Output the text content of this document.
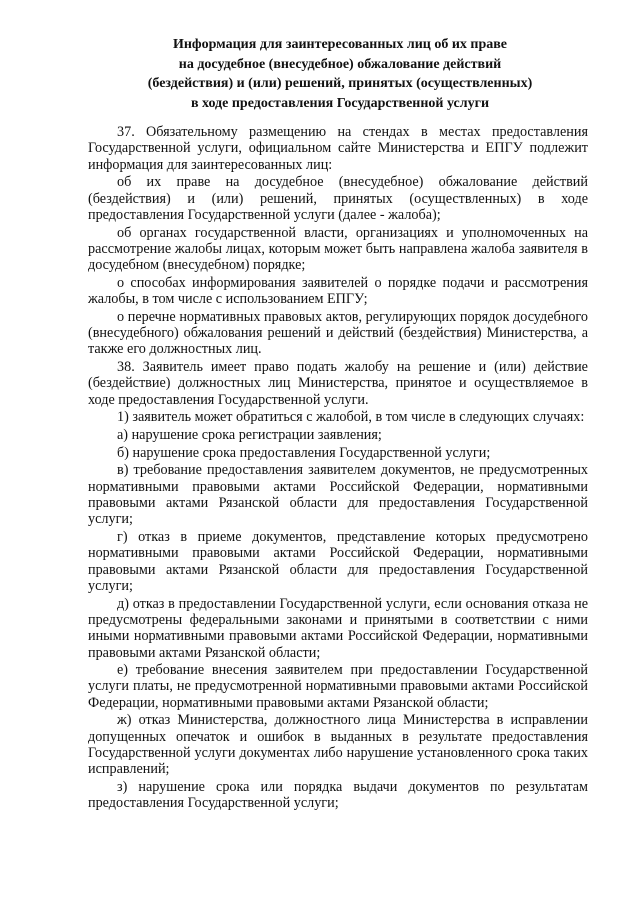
Информация для заинтересованных лиц об их праве
на досудебное (внесудебное) обжалование действий
(бездействия) и (или) решений, принятых (осуществленных)
в ходе предоставления Государственной услуги

37. Обязательному размещению на стендах в местах предоставления Государственной услуги, официальном сайте Министерства и ЕПГУ подлежит информация для заинтересованных лиц:

об их праве на досудебное (внесудебное) обжалование действий (бездействия) и (или) решений, принятых (осуществленных) в ходе предоставления Государственной услуги (далее - жалоба);

об органах государственной власти, организациях и уполномоченных на рассмотрение жалобы лицах, которым может быть направлена жалоба заявителя в досудебном (внесудебном) порядке;

о способах информирования заявителей о порядке подачи и рассмотрения жалобы, в том числе с использованием ЕПГУ;

о перечне нормативных правовых актов, регулирующих порядок досудебного (внесудебного) обжалования решений и действий (бездействия) Министерства, а также его должностных лиц.

38. Заявитель имеет право подать жалобу на решение и (или) действие (бездействие) должностных лиц Министерства, принятое и осуществляемое в ходе предоставления Государственной услуги.

1) заявитель может обратиться с жалобой, в том числе в следующих случаях:

а) нарушение срока регистрации заявления;

б) нарушение срока предоставления Государственной услуги;

в) требование предоставления заявителем документов, не предусмотренных нормативными правовыми актами Российской Федерации, нормативными правовыми актами Рязанской области для предоставления Государственной услуги;

г) отказ в приеме документов, представление которых предусмотрено нормативными правовыми актами Российской Федерации, нормативными правовыми актами Рязанской области для предоставления Государственной услуги;

д) отказ в предоставлении Государственной услуги, если основания отказа не предусмотрены федеральными законами и принятыми в соответствии с ними иными нормативными правовыми актами Российской Федерации, нормативными правовыми актами Рязанской области;

е) требование внесения заявителем при предоставлении Государственной услуги платы, не предусмотренной нормативными правовыми актами Российской Федерации, нормативными правовыми актами Рязанской области;

ж) отказ Министерства, должностного лица Министерства в исправлении допущенных опечаток и ошибок в выданных в результате предоставления Государственной услуги документах либо нарушение установленного срока таких исправлений;

з) нарушение срока или порядка выдачи документов по результатам предоставления Государственной услуги;
